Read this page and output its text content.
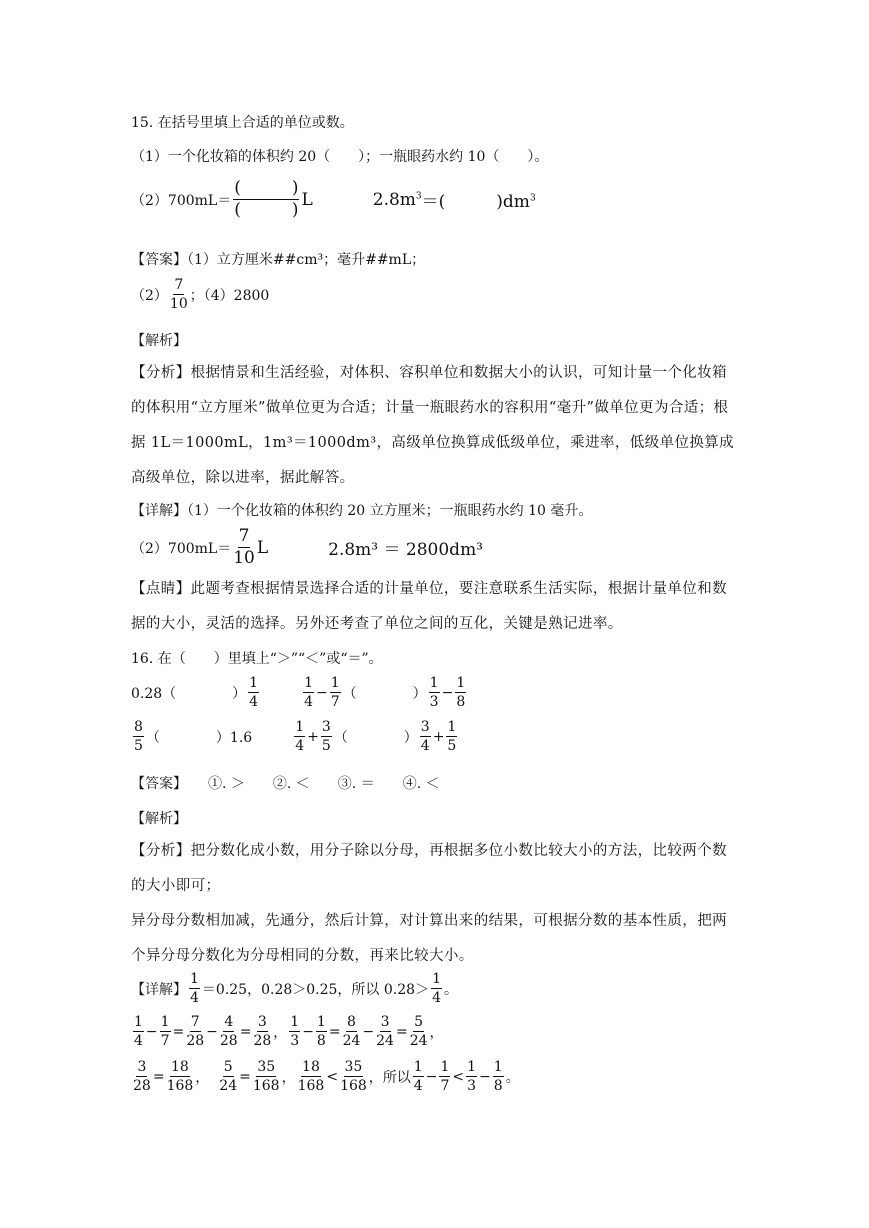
15. 在括号里填上合适的单位或数。
（1）一个化妆箱的体积约 20（　　）；一瓶眼药水约 10（　　）。
$(2)700mL= \frac{( )}{( )}$ L	$2.8m^3$ ＝(　　　)$dm^3$
【答案】（1）立方厘米##cm³；毫升##mL；
$(2) \frac{7}{10}$ ；（4）2800
【解析】
【分析】根据情景和生活经验，对体积、容积单位和数据大小的认识，可知计量一个化妆箱的体积用“立方厘米”做单位更为合适；计量一瓶眼药水的容积用“毫升”做单位更为合适；根据 1L＝1000mL，1m³＝1000dm³，高级单位换算成低级单位，乘进率，低级单位换算成高级单位，除以进率，据此解答。
【详解】（1）一个化妆箱的体积约 20 立方厘米；一瓶眼药水约 10 毫升。
$(2)700mL= \frac{7}{10}$ L	2.8m³ ＝ 2800dm³
【点睛】此题考查根据情景选择合适的计量单位，要注意联系生活实际，根据计量单位和数据的大小，灵活的选择。另外还考查了单位之间的互化，关键是熟记进率。
16. 在（　　）里填上“＞”“＜”或“＝”。
0.28（　　　　） $\frac{1}{4}$	$\frac{1}{4} - \frac{1}{7}$ （　　　　） $\frac{1}{3} - \frac{1}{8}$
$\frac{8}{5}$ （　　　　）1.6	$\frac{1}{4} + \frac{3}{5}$ （　　　　） $\frac{3}{4} + \frac{1}{5}$
【答案】　　①. ＞　　②. ＜　　③. ＝　　④. ＜
【解析】
【分析】把分数化成小数，用分子除以分母，再根据多位小数比较大小的方法，比较两个数的大小即可；
异分母分数相加减，先通分，然后计算，对计算出来的结果，可根据分数的基本性质，把两个异分母分数化为分母相同的分数，再来比较大小。
【详解】 $\frac{1}{4} =0.25$，0.28＞0.25，所以 $0.28> \frac{1}{4}$ 。
$\frac{1}{4} - \frac{1}{7} = \frac{7}{28} - \frac{4}{28} = \frac{3}{28}$ ， $\frac{1}{3} - \frac{1}{8} = \frac{8}{24} - \frac{3}{24} = \frac{5}{24}$ ，
$\frac{3}{28} = \frac{18}{168}$ ， $\frac{5}{24} = \frac{35}{168}$ ， $\frac{18}{168} < \frac{35}{168}$ ，所以 $\frac{1}{4} - \frac{1}{7} < \frac{1}{3} - \frac{1}{8}$ 。
